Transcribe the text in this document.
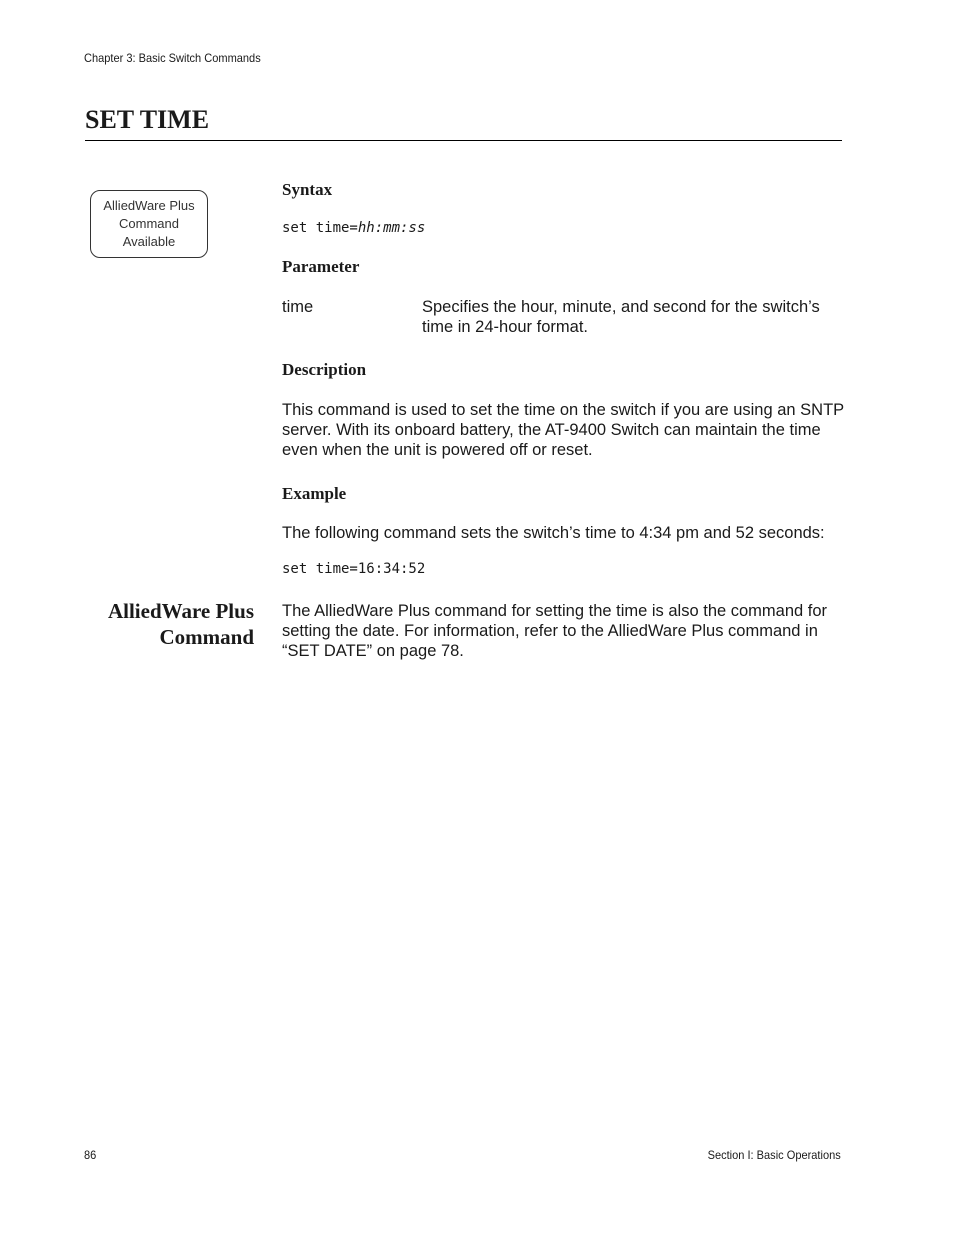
Chapter 3: Basic Switch Commands
SET TIME
AlliedWare Plus
Command
Available
Syntax
set time=hh:mm:ss
Parameter
time	Specifies the hour, minute, and second for the switch’s time in 24-hour format.

Description

This command is used to set the time on the switch if you are using an SNTP server. With its onboard battery, the AT-9400 Switch can maintain the time even when the unit is powered off or reset.

Example

The following command sets the switch’s time to 4:34 pm and 52 seconds:

set time=16:34:52
AlliedWare Plus
Command

The AlliedWare Plus command for setting the time is also the command for setting the date. For information, refer to the AlliedWare Plus command in “SET DATE” on page 78.

86	Section I: Basic Operations
